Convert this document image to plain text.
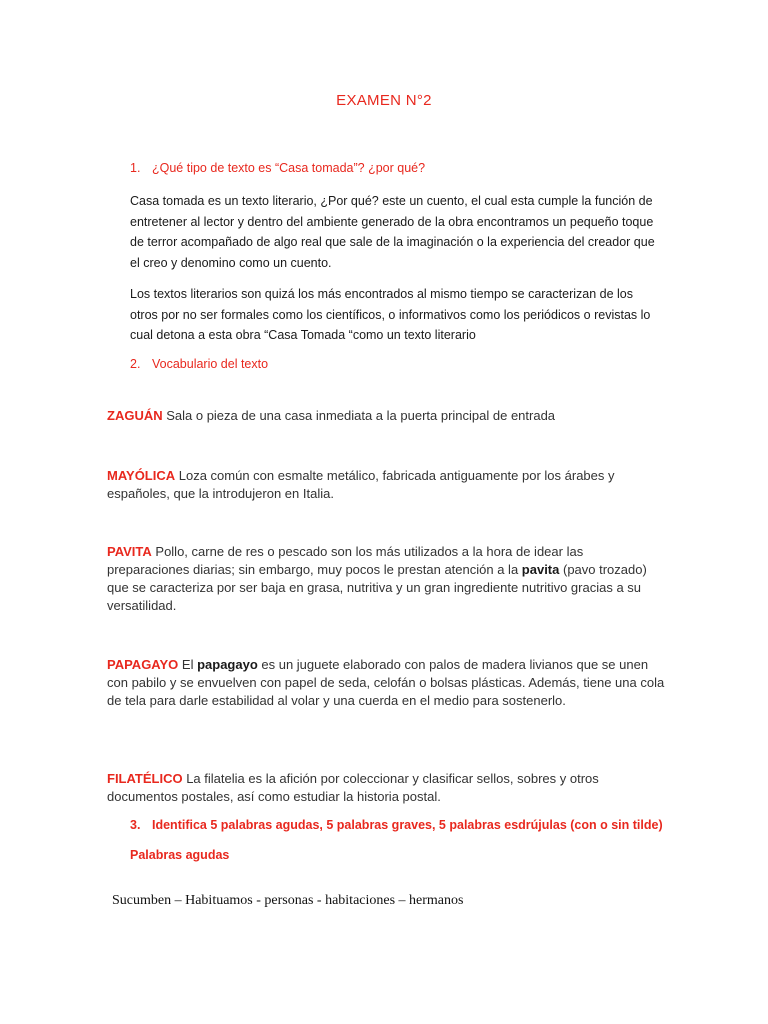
EXAMEN N°2
1. ¿Qué tipo de texto es “Casa tomada”? ¿por qué?
Casa tomada es un texto literario, ¿Por qué? este un cuento, el cual esta cumple la función de entretener al lector y dentro del ambiente generado de la obra encontramos un pequeño toque de terror acompañado de algo real que sale de la imaginación o la experiencia del creador que el creo y denomino como un cuento.
Los textos literarios son quizá los más encontrados al mismo tiempo se caracterizan de los otros por no ser formales como los científicos, o informativos como los periódicos o revistas lo cual detona a esta obra “Casa Tomada “como un texto literario
2. Vocabulario del texto
ZAGUÁN Sala o pieza de una casa inmediata a la puerta principal de entrada
MAYÓLICA Loza común con esmalte metálico, fabricada antiguamente por los árabes y españoles, que la introdujeron en Italia.
PAVITA Pollo, carne de res o pescado son los más utilizados a la hora de idear las preparaciones diarias; sin embargo, muy pocos le prestan atención a la pavita (pavo trozado) que se caracteriza por ser baja en grasa, nutritiva y un gran ingrediente nutritivo gracias a su versatilidad.
PAPAGAYO El papagayo es un juguete elaborado con palos de madera livianos que se unen con pabilo y se envuelven con papel de seda, celofán o bolsas plásticas. Además, tiene una cola de tela para darle estabilidad al volar y una cuerda en el medio para sostenerlo.
FILATÉLICO La filatelia es la afición por coleccionar y clasificar sellos, sobres y otros documentos postales, así como estudiar la historia postal.
3. Identifica 5 palabras agudas, 5 palabras graves, 5 palabras esdrújulas (con o sin tilde)
Palabras agudas
Sucumben – Habituamos - personas - habitaciones – hermanos
